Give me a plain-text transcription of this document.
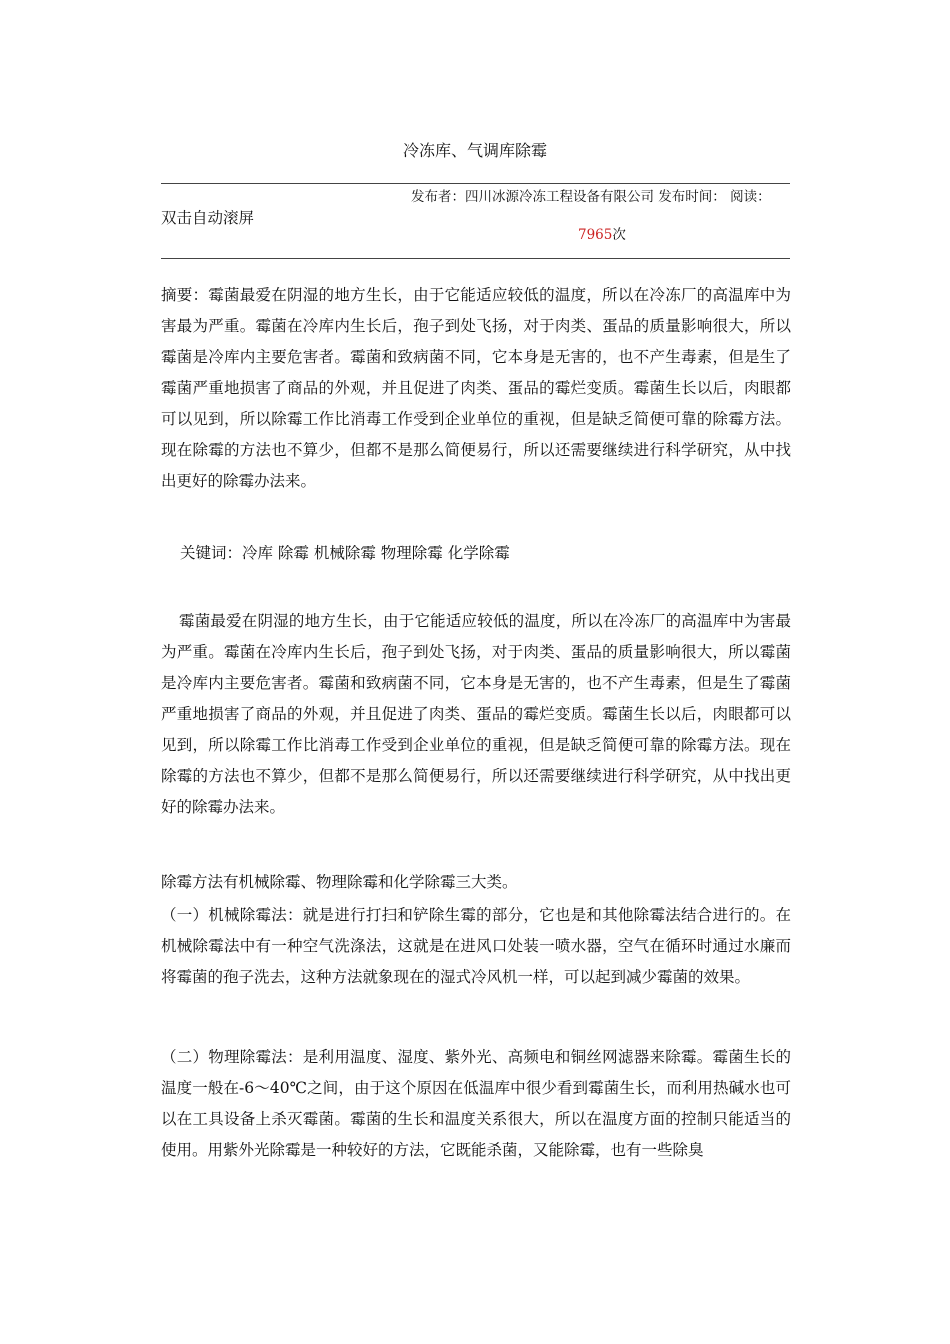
冷冻库、气调库除霉
发布者：四川冰源冷冻工程设备有限公司 发布时间： 阅读：
双击自动滚屏
7965次

摘要：霉菌最爱在阴湿的地方生长，由于它能适应较低的温度，所以在冷冻厂的高温库中为害最为严重。霉菌在冷库内生长后，孢子到处飞扬，对于肉类、蛋品的质量影响很大，所以霉菌是冷库内主要危害者。霉菌和致病菌不同，它本身是无害的，也不产生毒素，但是生了霉菌严重地损害了商品的外观，并且促进了肉类、蛋品的霉烂变质。霉菌生长以后，肉眼都可以见到，所以除霉工作比消毒工作受到企业单位的重视，但是缺乏简便可靠的除霉方法。现在除霉的方法也不算少，但都不是那么简便易行，所以还需要继续进行科学研究，从中找出更好的除霉办法来。

关键词：冷库 除霉 机械除霉 物理除霉 化学除霉

霉菌最爱在阴湿的地方生长，由于它能适应较低的温度，所以在冷冻厂的高温库中为害最为严重。霉菌在冷库内生长后，孢子到处飞扬，对于肉类、蛋品的质量影响很大，所以霉菌是冷库内主要危害者。霉菌和致病菌不同，它本身是无害的，也不产生毒素，但是生了霉菌严重地损害了商品的外观，并且促进了肉类、蛋品的霉烂变质。霉菌生长以后，肉眼都可以见到，所以除霉工作比消毒工作受到企业单位的重视，但是缺乏简便可靠的除霉方法。现在除霉的方法也不算少，但都不是那么简便易行，所以还需要继续进行科学研究，从中找出更好的除霉办法来。

除霉方法有机械除霉、物理除霉和化学除霉三大类。

（一）机械除霉法：就是进行打扫和铲除生霉的部分，它也是和其他除霉法结合进行的。在机械除霉法中有一种空气洗涤法，这就是在进风口处装一喷水器，空气在循环时通过水廉而将霉菌的孢子洗去，这种方法就象现在的湿式冷风机一样，可以起到减少霉菌的效果。

（二）物理除霉法：是利用温度、湿度、紫外光、高频电和铜丝网滤器来除霉。霉菌生长的温度一般在-6～40℃之间，由于这个原因在低温库中很少看到霉菌生长，而利用热碱水也可以在工具设备上杀灭霉菌。霉菌的生长和温度关系很大，所以在温度方面的控制只能适当的使用。用紫外光除霉是一种较好的方法，它既能杀菌，又能除霉，也有一些除臭
